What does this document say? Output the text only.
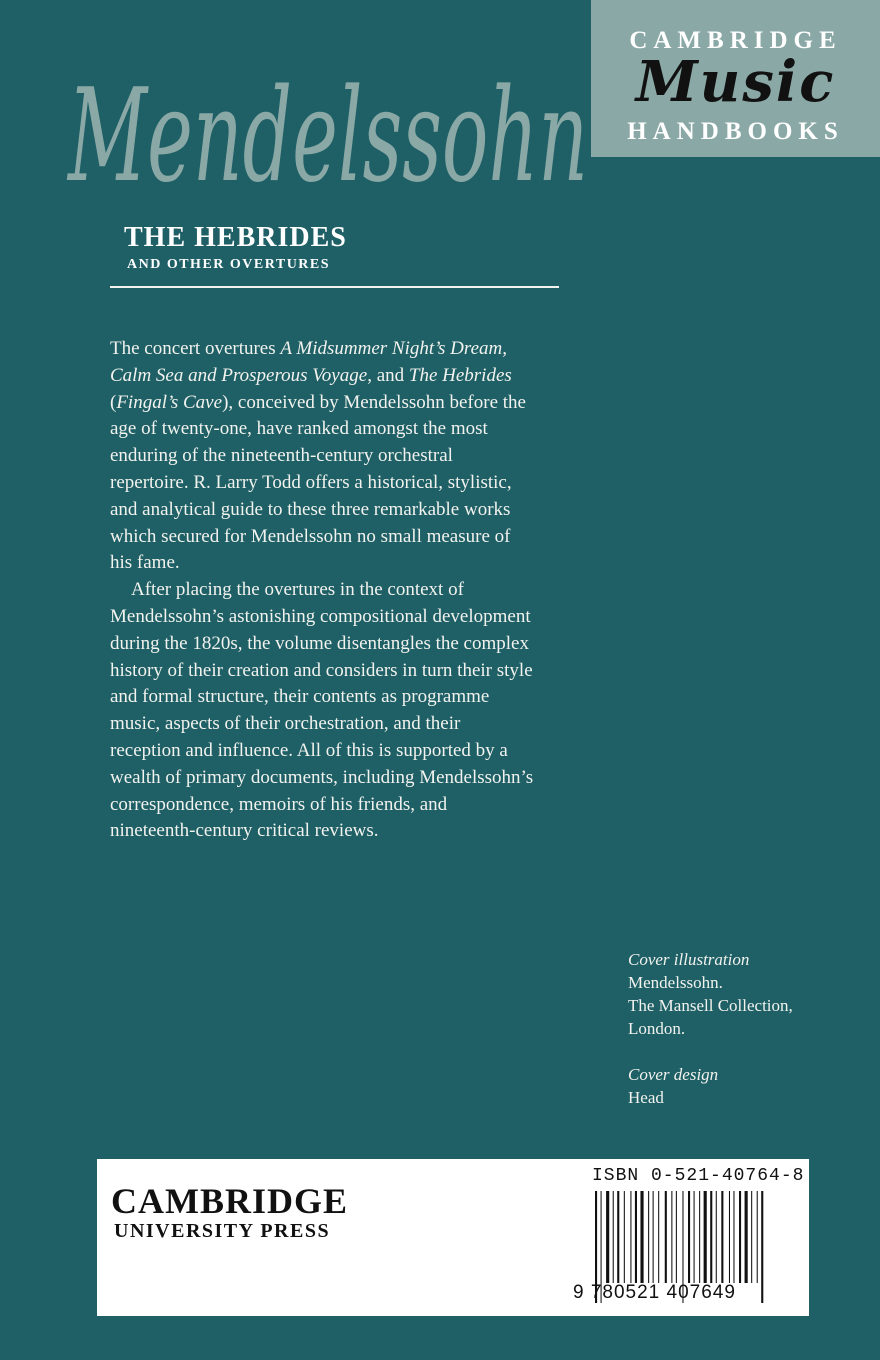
CAMBRIDGE
Music
HANDBOOKS
Mendelssohn
THE HEBRIDES
AND OTHER OVERTURES

The concert overtures A Midsummer Night’s Dream, Calm Sea and Prosperous Voyage, and The Hebrides (Fingal’s Cave), conceived by Mendelssohn before the age of twenty-one, have ranked amongst the most enduring of the nineteenth-century orchestral repertoire. R. Larry Todd offers a historical, stylistic, and analytical guide to these three remarkable works which secured for Mendelssohn no small measure of his fame.

After placing the overtures in the context of Mendelssohn’s astonishing compositional development during the 1820s, the volume disentangles the complex history of their creation and considers in turn their style and formal structure, their contents as programme music, aspects of their orchestration, and their reception and influence. All of this is supported by a wealth of primary documents, including Mendelssohn’s correspondence, memoirs of his friends, and nineteenth-century critical reviews.

Cover illustration
Mendelssohn.
The Mansell Collection,
London.
Cover design
Head
CAMBRIDGE
UNIVERSITY PRESS
ISBN 0-521-40764-8
9 780521 407649
